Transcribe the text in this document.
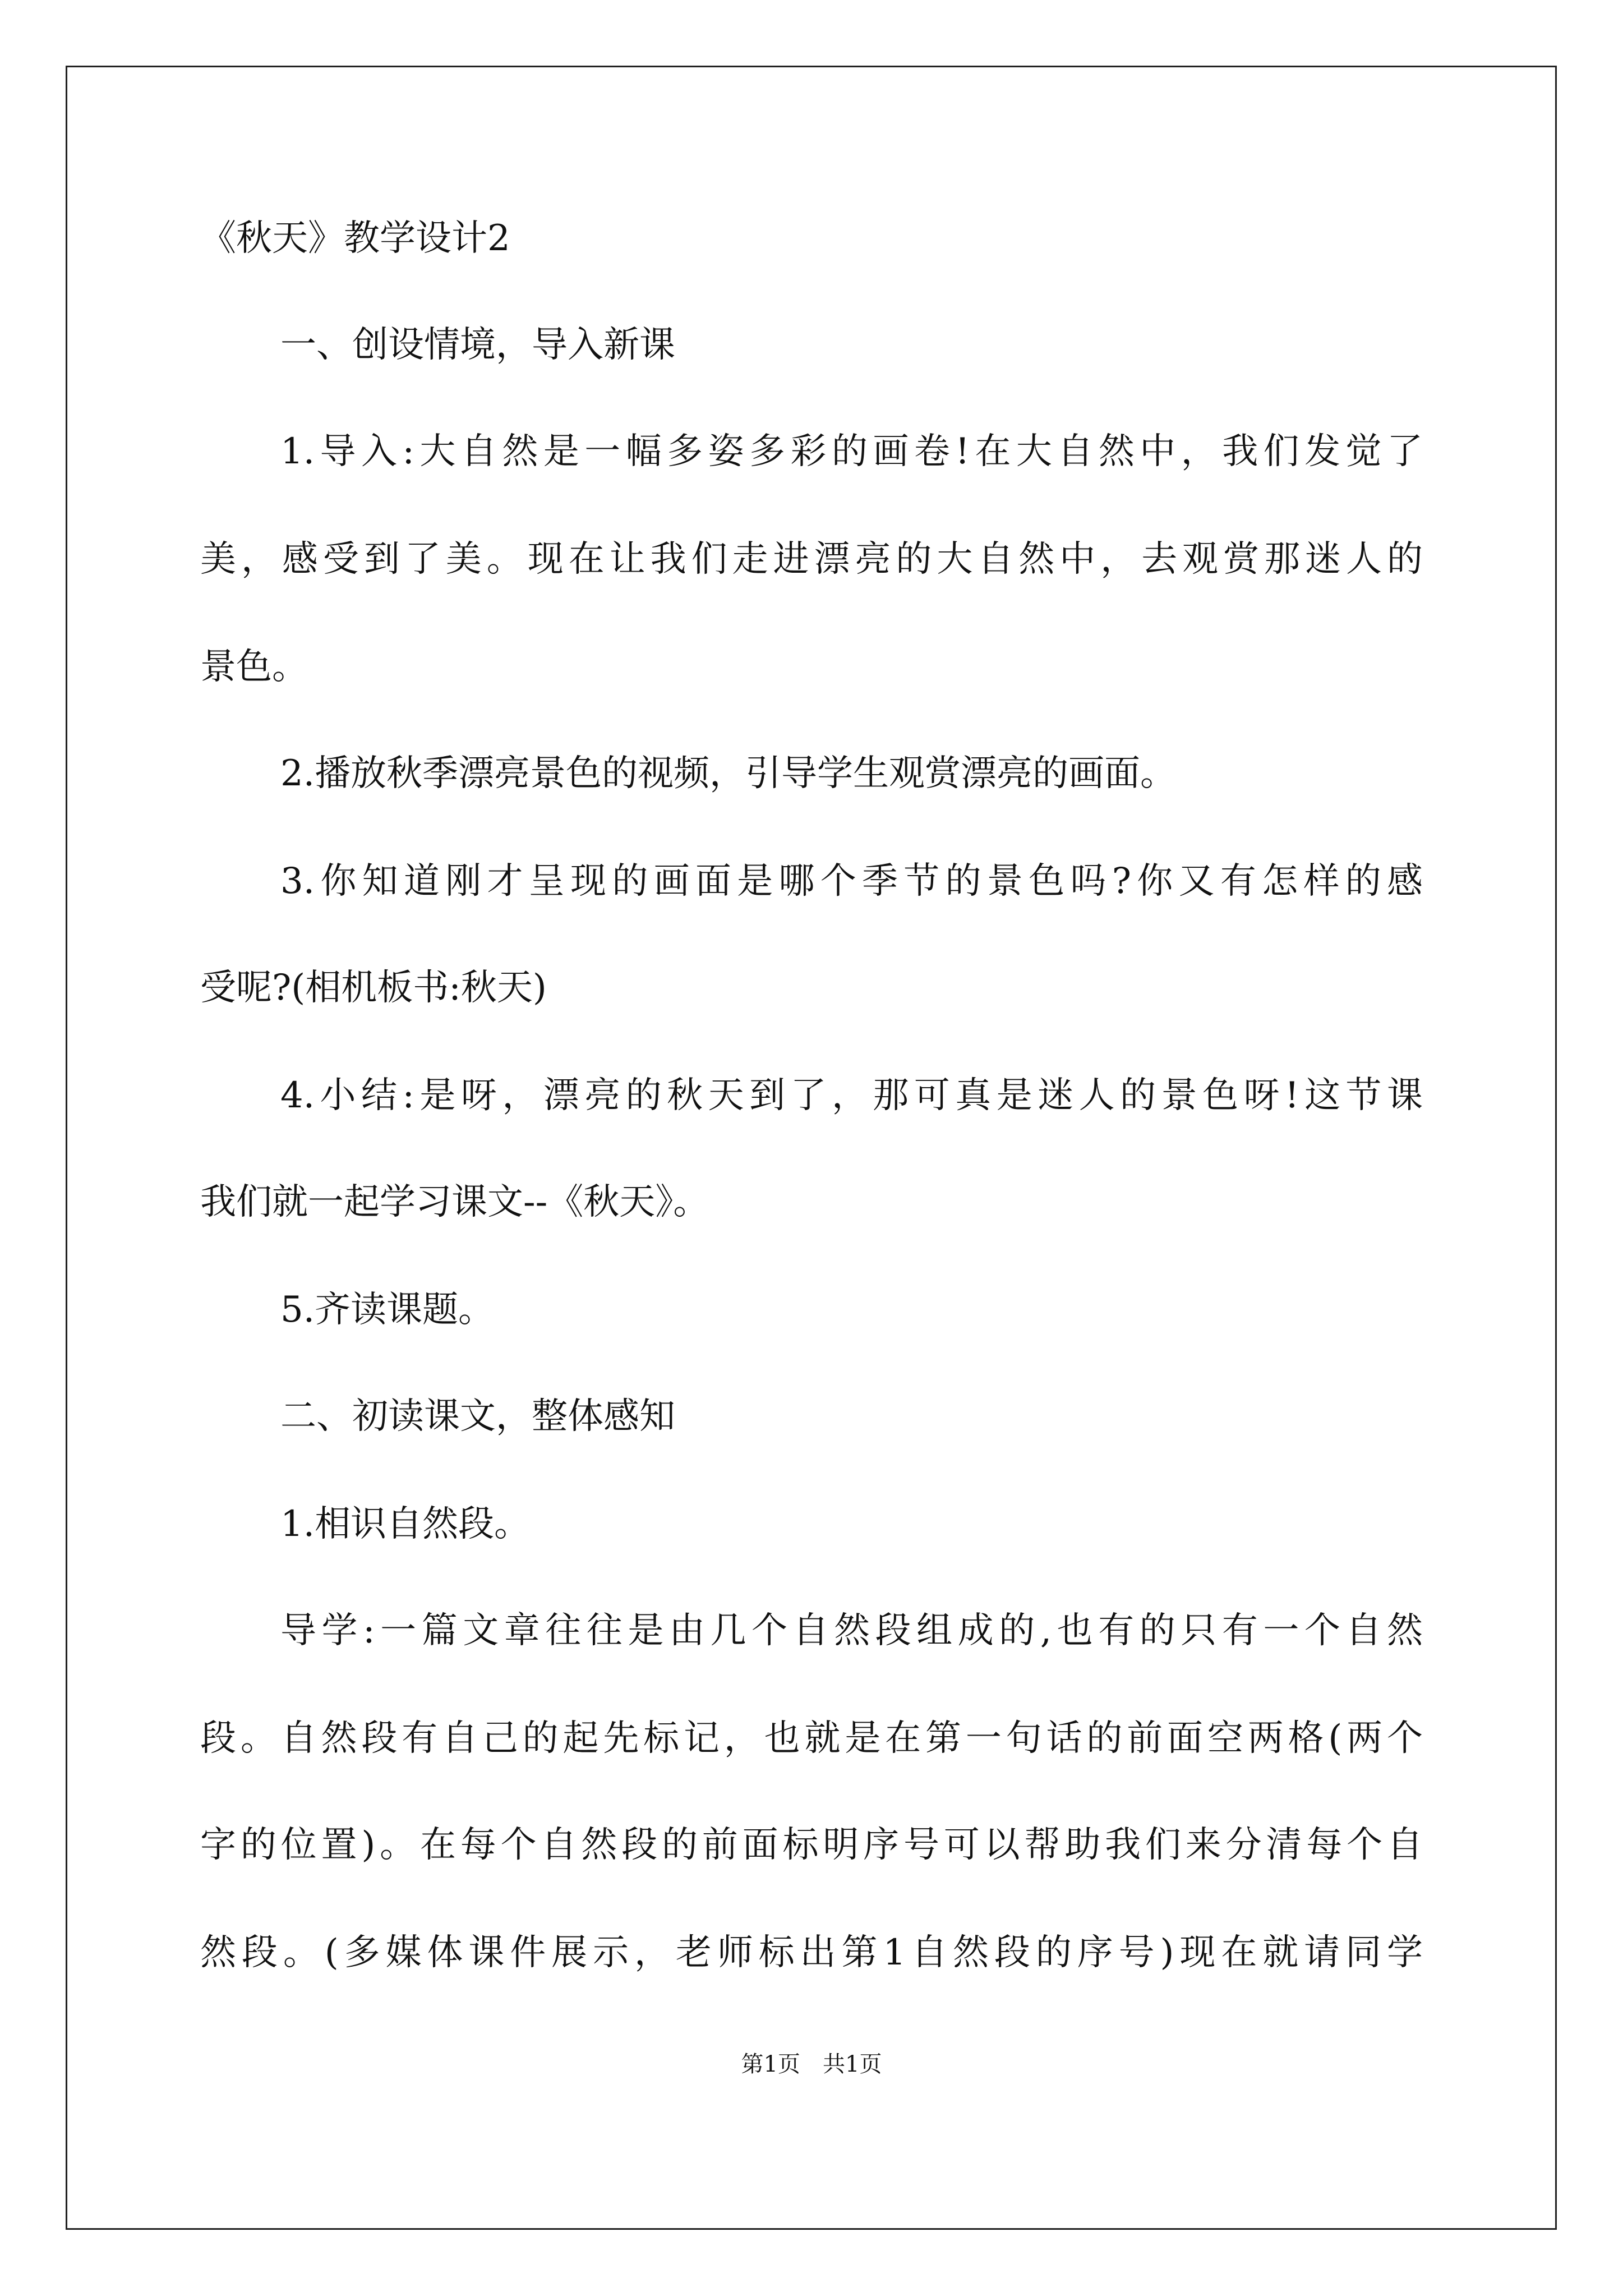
《秋天》教学设计2
一、创设情境，导入新课
1.导入:大自然是一幅多姿多彩的画卷!在大自然中，我们发觉了
美，感受到了美。现在让我们走进漂亮的大自然中，去观赏那迷人的
景色。
2.播放秋季漂亮景色的视频，引导学生观赏漂亮的画面。
3.你知道刚才呈现的画面是哪个季节的景色吗?你又有怎样的感
受呢?(相机板书:秋天)
4.小结:是呀，漂亮的秋天到了，那可真是迷人的景色呀!这节课
我们就一起学习课文--《秋天》。
5.齐读课题。
二、初读课文，整体感知
1.相识自然段。
导学:一篇文章往往是由几个自然段组成的,也有的只有一个自然
段。自然段有自己的起先标记，也就是在第一句话的前面空两格(两个
字的位置)。在每个自然段的前面标明序号可以帮助我们来分清每个自
然段。(多媒体课件展示，老师标出第1自然段的序号)现在就请同学
第1页　共1页
